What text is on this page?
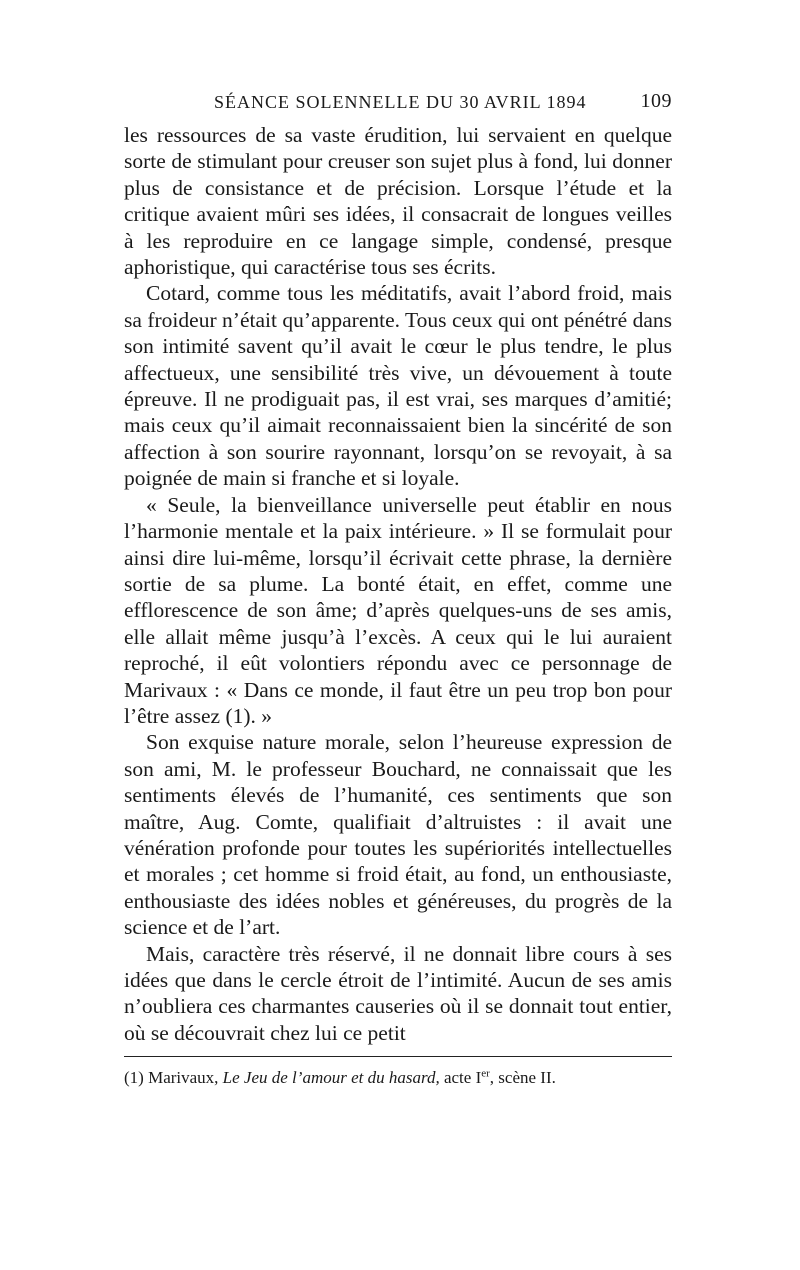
SÉANCE SOLENNELLE DU 30 AVRIL 1894	109

les ressources de sa vaste érudition, lui servaient en quelque sorte de stimulant pour creuser son sujet plus à fond, lui donner plus de consistance et de précision. Lorsque l’étude et la critique avaient mûri ses idées, il consacrait de longues veilles à les reproduire en ce langage simple, condensé, presque aphoristique, qui caractérise tous ses écrits.

Cotard, comme tous les méditatifs, avait l’abord froid, mais sa froideur n’était qu’apparente. Tous ceux qui ont pénétré dans son intimité savent qu’il avait le cœur le plus tendre, le plus affectueux, une sensibilité très vive, un dévouement à toute épreuve. Il ne prodiguait pas, il est vrai, ses marques d’amitié; mais ceux qu’il aimait reconnaissaient bien la sincérité de son affection à son sourire rayonnant, lorsqu’on se revoyait, à sa poignée de main si franche et si loyale.

« Seule, la bienveillance universelle peut établir en nous l’harmonie mentale et la paix intérieure. » Il se formulait pour ainsi dire lui-même, lorsqu’il écrivait cette phrase, la dernière sortie de sa plume. La bonté était, en effet, comme une efflorescence de son âme; d’après quelques-uns de ses amis, elle allait même jusqu’à l’excès. A ceux qui le lui auraient reproché, il eût volontiers répondu avec ce personnage de Marivaux : « Dans ce monde, il faut être un peu trop bon pour l’être assez (1). »

Son exquise nature morale, selon l’heureuse expression de son ami, M. le professeur Bouchard, ne connaissait que les sentiments élevés de l’humanité, ces sentiments que son maître, Aug. Comte, qualifiait d’altruistes : il avait une vénération profonde pour toutes les supériorités intellectuelles et morales ; cet homme si froid était, au fond, un enthousiaste, enthousiaste des idées nobles et généreuses, du progrès de la science et de l’art.

Mais, caractère très réservé, il ne donnait libre cours à ses idées que dans le cercle étroit de l’intimité. Aucun de ses amis n’oubliera ces charmantes causeries où il se donnait tout entier, où se découvrait chez lui ce petit

(1) Marivaux, Le Jeu de l’amour et du hasard, acte Ier, scène II.
